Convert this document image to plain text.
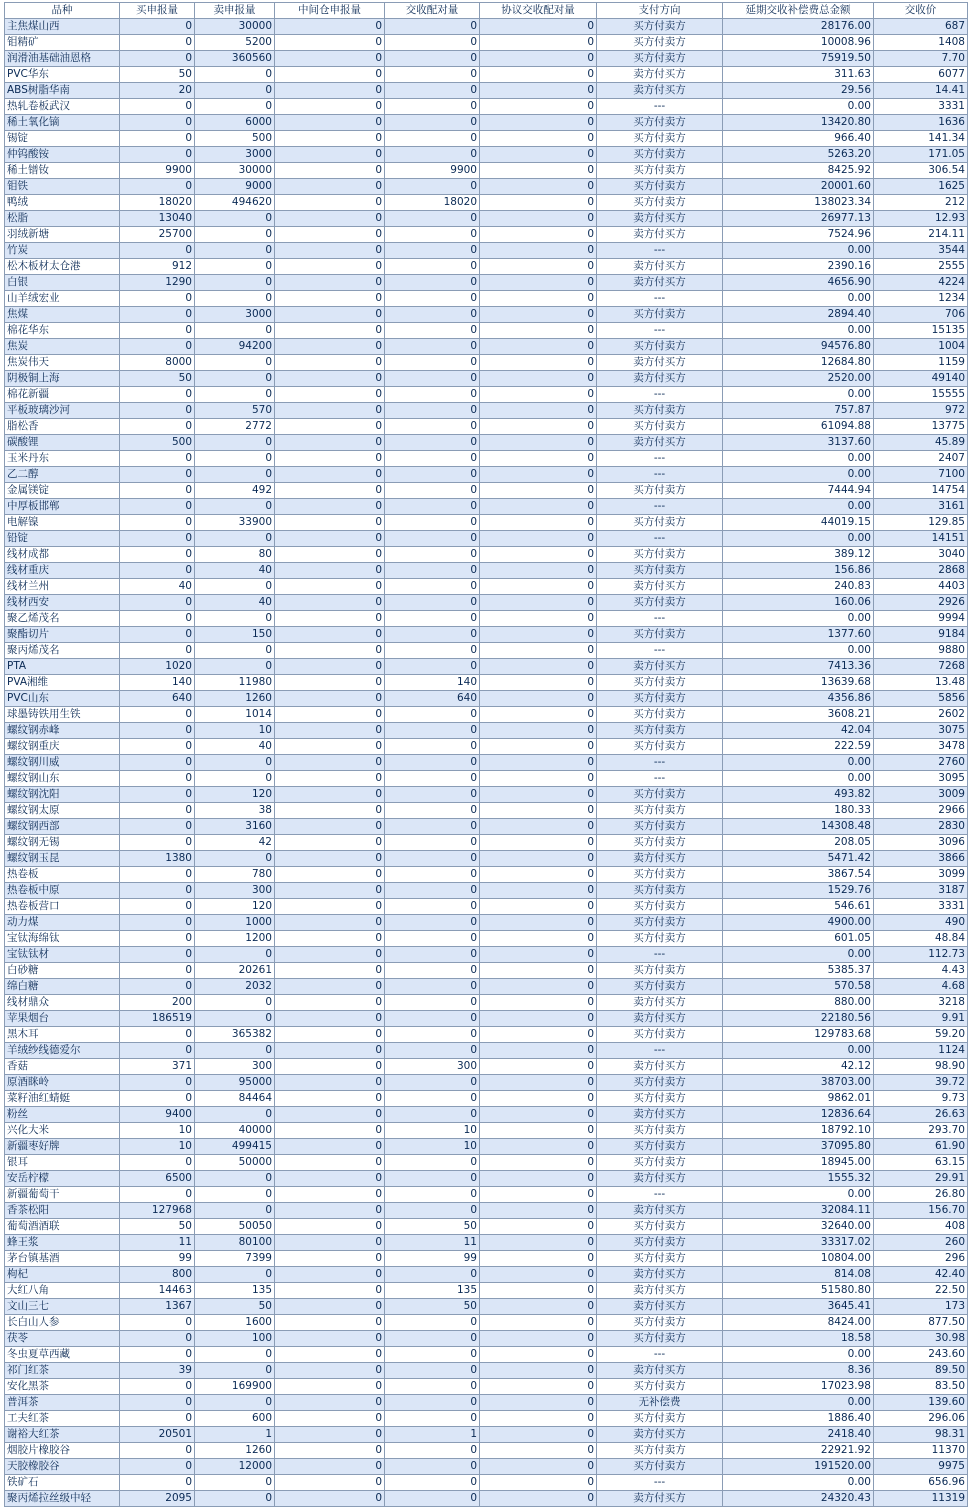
品种	买申报量	卖申报量	中间仓申报量	交收配对量	协议交收配对量	支付方向	延期交收补偿费总金额	交收价
主焦煤山西	0	30000	0	0	0	买方付卖方	28176.00	687
钼精矿	0	5200	0	0	0	买方付卖方	10008.96	1408
润滑油基础油恩格	0	360560	0	0	0	买方付卖方	75919.50	7.70
PVC华东	50	0	0	0	0	卖方付买方	311.63	6077
ABS树脂华南	20	0	0	0	0	卖方付买方	29.56	14.41
热轧卷板武汉	0	0	0	0	0	---	0.00	3331
稀土氧化镝	0	6000	0	0	0	买方付卖方	13420.80	1636
锡锭	0	500	0	0	0	买方付卖方	966.40	141.34
仲钨酸铵	0	3000	0	0	0	买方付卖方	5263.20	171.05
稀土镨钕	9900	30000	0	9900	0	买方付卖方	8425.92	306.54
钼铁	0	9000	0	0	0	买方付卖方	20001.60	1625
鸭绒	18020	494620	0	18020	0	买方付卖方	138023.34	212
松脂	13040	0	0	0	0	卖方付买方	26977.13	12.93
羽绒新塘	25700	0	0	0	0	卖方付买方	7524.96	214.11
竹炭	0	0	0	0	0	---	0.00	3544
松木板材太仓港	912	0	0	0	0	卖方付买方	2390.16	2555
白银	1290	0	0	0	0	卖方付买方	4656.90	4224
山羊绒宏业	0	0	0	0	0	---	0.00	1234
焦煤	0	3000	0	0	0	买方付卖方	2894.40	706
棉花华东	0	0	0	0	0	---	0.00	15135
焦炭	0	94200	0	0	0	买方付卖方	94576.80	1004
焦炭伟天	8000	0	0	0	0	卖方付买方	12684.80	1159
阴极铜上海	50	0	0	0	0	卖方付买方	2520.00	49140
棉花新疆	0	0	0	0	0	---	0.00	15555
平板玻璃沙河	0	570	0	0	0	买方付卖方	757.87	972
脂松香	0	2772	0	0	0	买方付卖方	61094.88	13775
碳酸锂	500	0	0	0	0	卖方付买方	3137.60	45.89
玉米丹东	0	0	0	0	0	---	0.00	2407
乙二醇	0	0	0	0	0	---	0.00	7100
金属镁锭	0	492	0	0	0	买方付卖方	7444.94	14754
中厚板邯郸	0	0	0	0	0	---	0.00	3161
电解镍	0	33900	0	0	0	买方付卖方	44019.15	129.85
铅锭	0	0	0	0	0	---	0.00	14151
线材成都	0	80	0	0	0	买方付卖方	389.12	3040
线材重庆	0	40	0	0	0	买方付卖方	156.86	2868
线材兰州	40	0	0	0	0	卖方付买方	240.83	4403
线材西安	0	40	0	0	0	买方付卖方	160.06	2926
聚乙烯茂名	0	0	0	0	0	---	0.00	9994
聚酯切片	0	150	0	0	0	买方付卖方	1377.60	9184
聚丙烯茂名	0	0	0	0	0	---	0.00	9880
PTA	1020	0	0	0	0	卖方付买方	7413.36	7268
PVA湘维	140	11980	0	140	0	买方付卖方	13639.68	13.48
PVC山东	640	1260	0	640	0	买方付卖方	4356.86	5856
球墨铸铁用生铁	0	1014	0	0	0	买方付卖方	3608.21	2602
螺纹钢赤峰	0	10	0	0	0	买方付卖方	42.04	3075
螺纹钢重庆	0	40	0	0	0	买方付卖方	222.59	3478
螺纹钢川威	0	0	0	0	0	---	0.00	2760
螺纹钢山东	0	0	0	0	0	---	0.00	3095
螺纹钢沈阳	0	120	0	0	0	买方付卖方	493.82	3009
螺纹钢太原	0	38	0	0	0	买方付卖方	180.33	2966
螺纹钢西部	0	3160	0	0	0	买方付卖方	14308.48	2830
螺纹钢无锡	0	42	0	0	0	买方付卖方	208.05	3096
螺纹钢玉昆	1380	0	0	0	0	卖方付买方	5471.42	3866
热卷板	0	780	0	0	0	买方付卖方	3867.54	3099
热卷板中原	0	300	0	0	0	买方付卖方	1529.76	3187
热卷板营口	0	120	0	0	0	买方付卖方	546.61	3331
动力煤	0	1000	0	0	0	买方付卖方	4900.00	490
宝钛海绵钛	0	1200	0	0	0	买方付卖方	601.05	48.84
宝钛钛材	0	0	0	0	0	---	0.00	112.73
白砂糖	0	20261	0	0	0	买方付卖方	5385.37	4.43
绵白糖	0	2032	0	0	0	买方付卖方	570.58	4.68
线材鼎众	200	0	0	0	0	卖方付买方	880.00	3218
苹果烟台	186519	0	0	0	0	卖方付买方	22180.56	9.91
黑木耳	0	365382	0	0	0	买方付卖方	129783.68	59.20
羊绒纱线德爱尔	0	0	0	0	0	---	0.00	1124
香菇	371	300	0	300	0	卖方付买方	42.12	98.90
原酒眯岭	0	95000	0	0	0	买方付卖方	38703.00	39.72
菜籽油红蜻蜓	0	84464	0	0	0	买方付卖方	9862.01	9.73
粉丝	9400	0	0	0	0	卖方付买方	12836.64	26.63
兴化大米	10	40000	0	10	0	买方付卖方	18792.10	293.70
新疆枣好牌	10	499415	0	10	0	买方付卖方	37095.80	61.90
银耳	0	50000	0	0	0	买方付卖方	18945.00	63.15
安岳柠檬	6500	0	0	0	0	卖方付买方	1555.32	29.91
新疆葡萄干	0	0	0	0	0	---	0.00	26.80
香茶松阳	127968	0	0	0	0	卖方付买方	32084.11	156.70
葡萄酒酒联	50	50050	0	50	0	买方付卖方	32640.00	408
蜂王浆	11	80100	0	11	0	买方付卖方	33317.02	260
茅台镇基酒	99	7399	0	99	0	买方付卖方	10804.00	296
枸杞	800	0	0	0	0	卖方付买方	814.08	42.40
大红八角	14463	135	0	135	0	卖方付买方	51580.80	22.50
文山三七	1367	50	0	50	0	卖方付买方	3645.41	173
长白山人参	0	1600	0	0	0	买方付卖方	8424.00	877.50
茯苓	0	100	0	0	0	买方付卖方	18.58	30.98
冬虫夏草西藏	0	0	0	0	0	---	0.00	243.60
祁门红茶	39	0	0	0	0	卖方付买方	8.36	89.50
安化黑茶	0	169900	0	0	0	买方付卖方	17023.98	83.50
普洱茶	0	0	0	0	0	无补偿费	0.00	139.60
工夫红茶	0	600	0	0	0	买方付卖方	1886.40	296.06
谢裕大红茶	20501	1	0	1	0	卖方付买方	2418.40	98.31
烟胶片橡胶谷	0	1260	0	0	0	买方付卖方	22921.92	11370
天胶橡胶谷	0	12000	0	0	0	买方付卖方	191520.00	9975
铁矿石	0	0	0	0	0	---	0.00	656.96
聚丙烯拉丝级中轻	2095	0	0	0	0	卖方付买方	24320.43	11319
